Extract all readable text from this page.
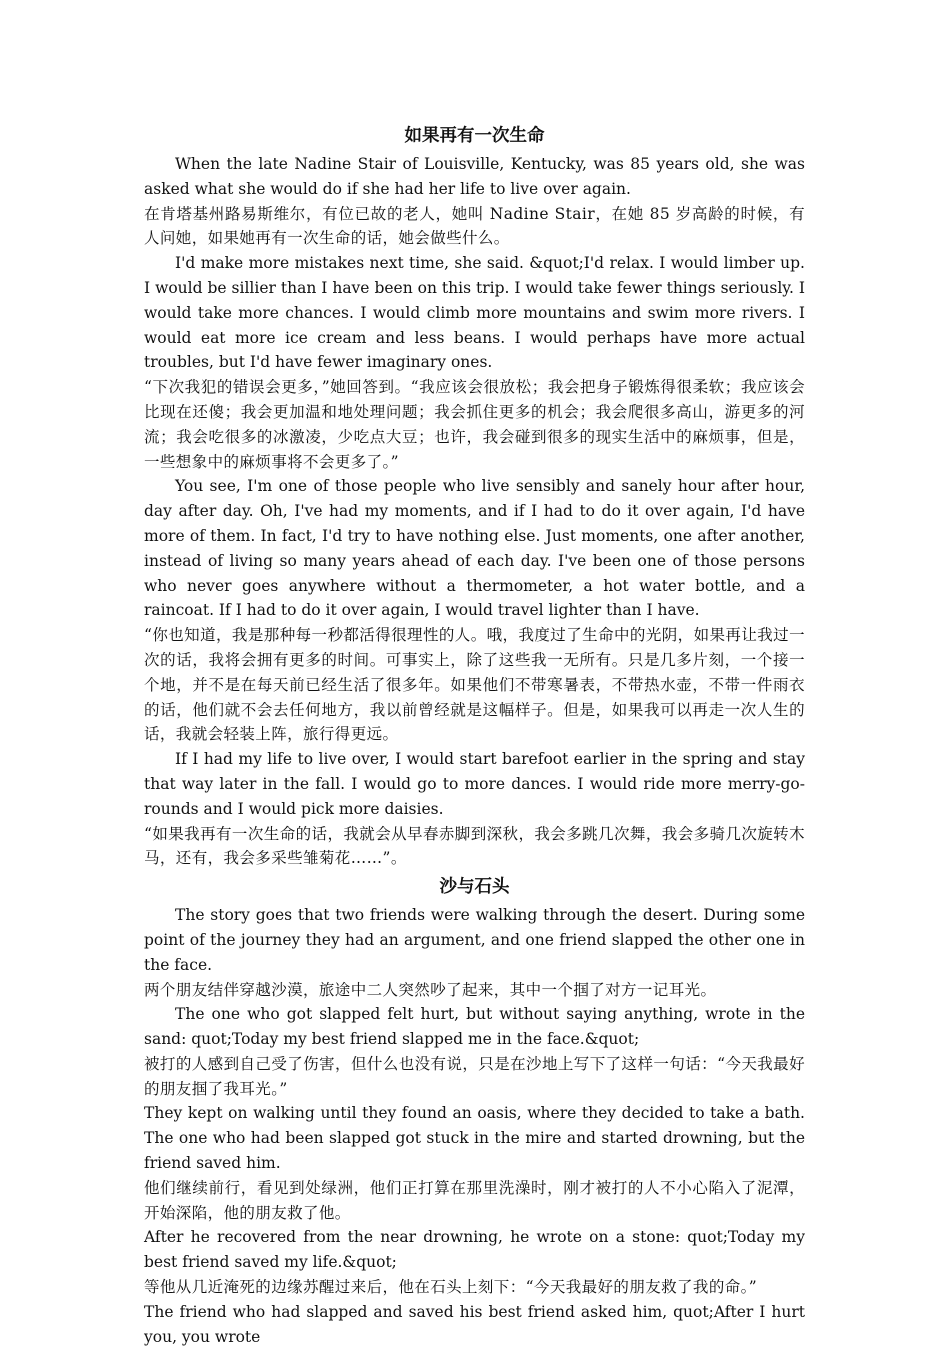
如果再有一次生命

When the late Nadine Stair of Louisville, Kentucky, was 85 years old, she was asked what she would do if she had her life to live over again.

在肯塔基州路易斯维尔，有位已故的老人，她叫 Nadine Stair，在她 85 岁高龄的时候，有人问她，如果她再有一次生命的话，她会做些什么。

I'd make more mistakes next time, she said. &quot;I'd relax. I would limber up. I would be sillier than I have been on this trip. I would take fewer things seriously. I would take more chances. I would climb more mountains and swim more rivers. I would eat more ice cream and less beans. I would perhaps have more actual troubles, but I'd have fewer imaginary ones.

“下次我犯的错误会更多，”她回答到。“我应该会很放松；我会把身子锻炼得很柔软；我应该会比现在还傻；我会更加温和地处理问题；我会抓住更多的机会；我会爬很多高山，游更多的河流；我会吃很多的冰激凌，少吃点大豆；也许，我会碰到很多的现实生活中的麻烦事，但是，一些想象中的麻烦事将不会更多了。”

You see, I'm one of those people who live sensibly and sanely hour after hour, day after day. Oh, I've had my moments, and if I had to do it over again, I'd have more of them. In fact, I'd try to have nothing else. Just moments, one after another, instead of living so many years ahead of each day. I've been one of those persons who never goes anywhere without a thermometer, a hot water bottle, and a raincoat. If I had to do it over again, I would travel lighter than I have.

“你也知道，我是那种每一秒都活得很理性的人。哦，我度过了生命中的光阴，如果再让我过一次的话，我将会拥有更多的时间。可事实上，除了这些我一无所有。只是几多片刻，一个接一个地，并不是在每天前已经生活了很多年。如果他们不带寒暑表，不带热水壶，不带一件雨衣的话，他们就不会去任何地方，我以前曾经就是这幅样子。但是，如果我可以再走一次人生的话，我就会轻装上阵，旅行得更远。

If I had my life to live over, I would start barefoot earlier in the spring and stay that way later in the fall. I would go to more dances. I would ride more merry-go-rounds and I would pick more daisies.

“如果我再有一次生命的话，我就会从早春赤脚到深秋，我会多跳几次舞，我会多骑几次旋转木马，还有，我会多采些雏菊花……”。

沙与石头

The story goes that two friends were walking through the desert. During some point of the journey they had an argument, and one friend slapped the other one in the face.

两个朋友结伴穿越沙漠，旅途中二人突然吵了起来，其中一个掴了对方一记耳光。

The one who got slapped felt hurt, but without saying anything, wrote in the sand: quot;Today my best friend slapped me in the face.&quot;

被打的人感到自己受了伤害，但什么也没有说，只是在沙地上写下了这样一句话：“今天我最好的朋友掴了我耳光。”

They kept on walking until they found an oasis, where they decided to take a bath. The one who had been slapped got stuck in the mire and started drowning, but the friend saved him.

他们继续前行，看见到处绿洲，他们正打算在那里洗澡时，刚才被打的人不小心陷入了泥潭，开始深陷，他的朋友救了他。

After he recovered from the near drowning, he wrote on a stone: quot;Today my best friend saved my life.&quot;

等他从几近淹死的边缘苏醒过来后，他在石头上刻下：“今天我最好的朋友救了我的命。”

The friend who had slapped and saved his best friend asked him, quot;After I hurt you, you wrote
